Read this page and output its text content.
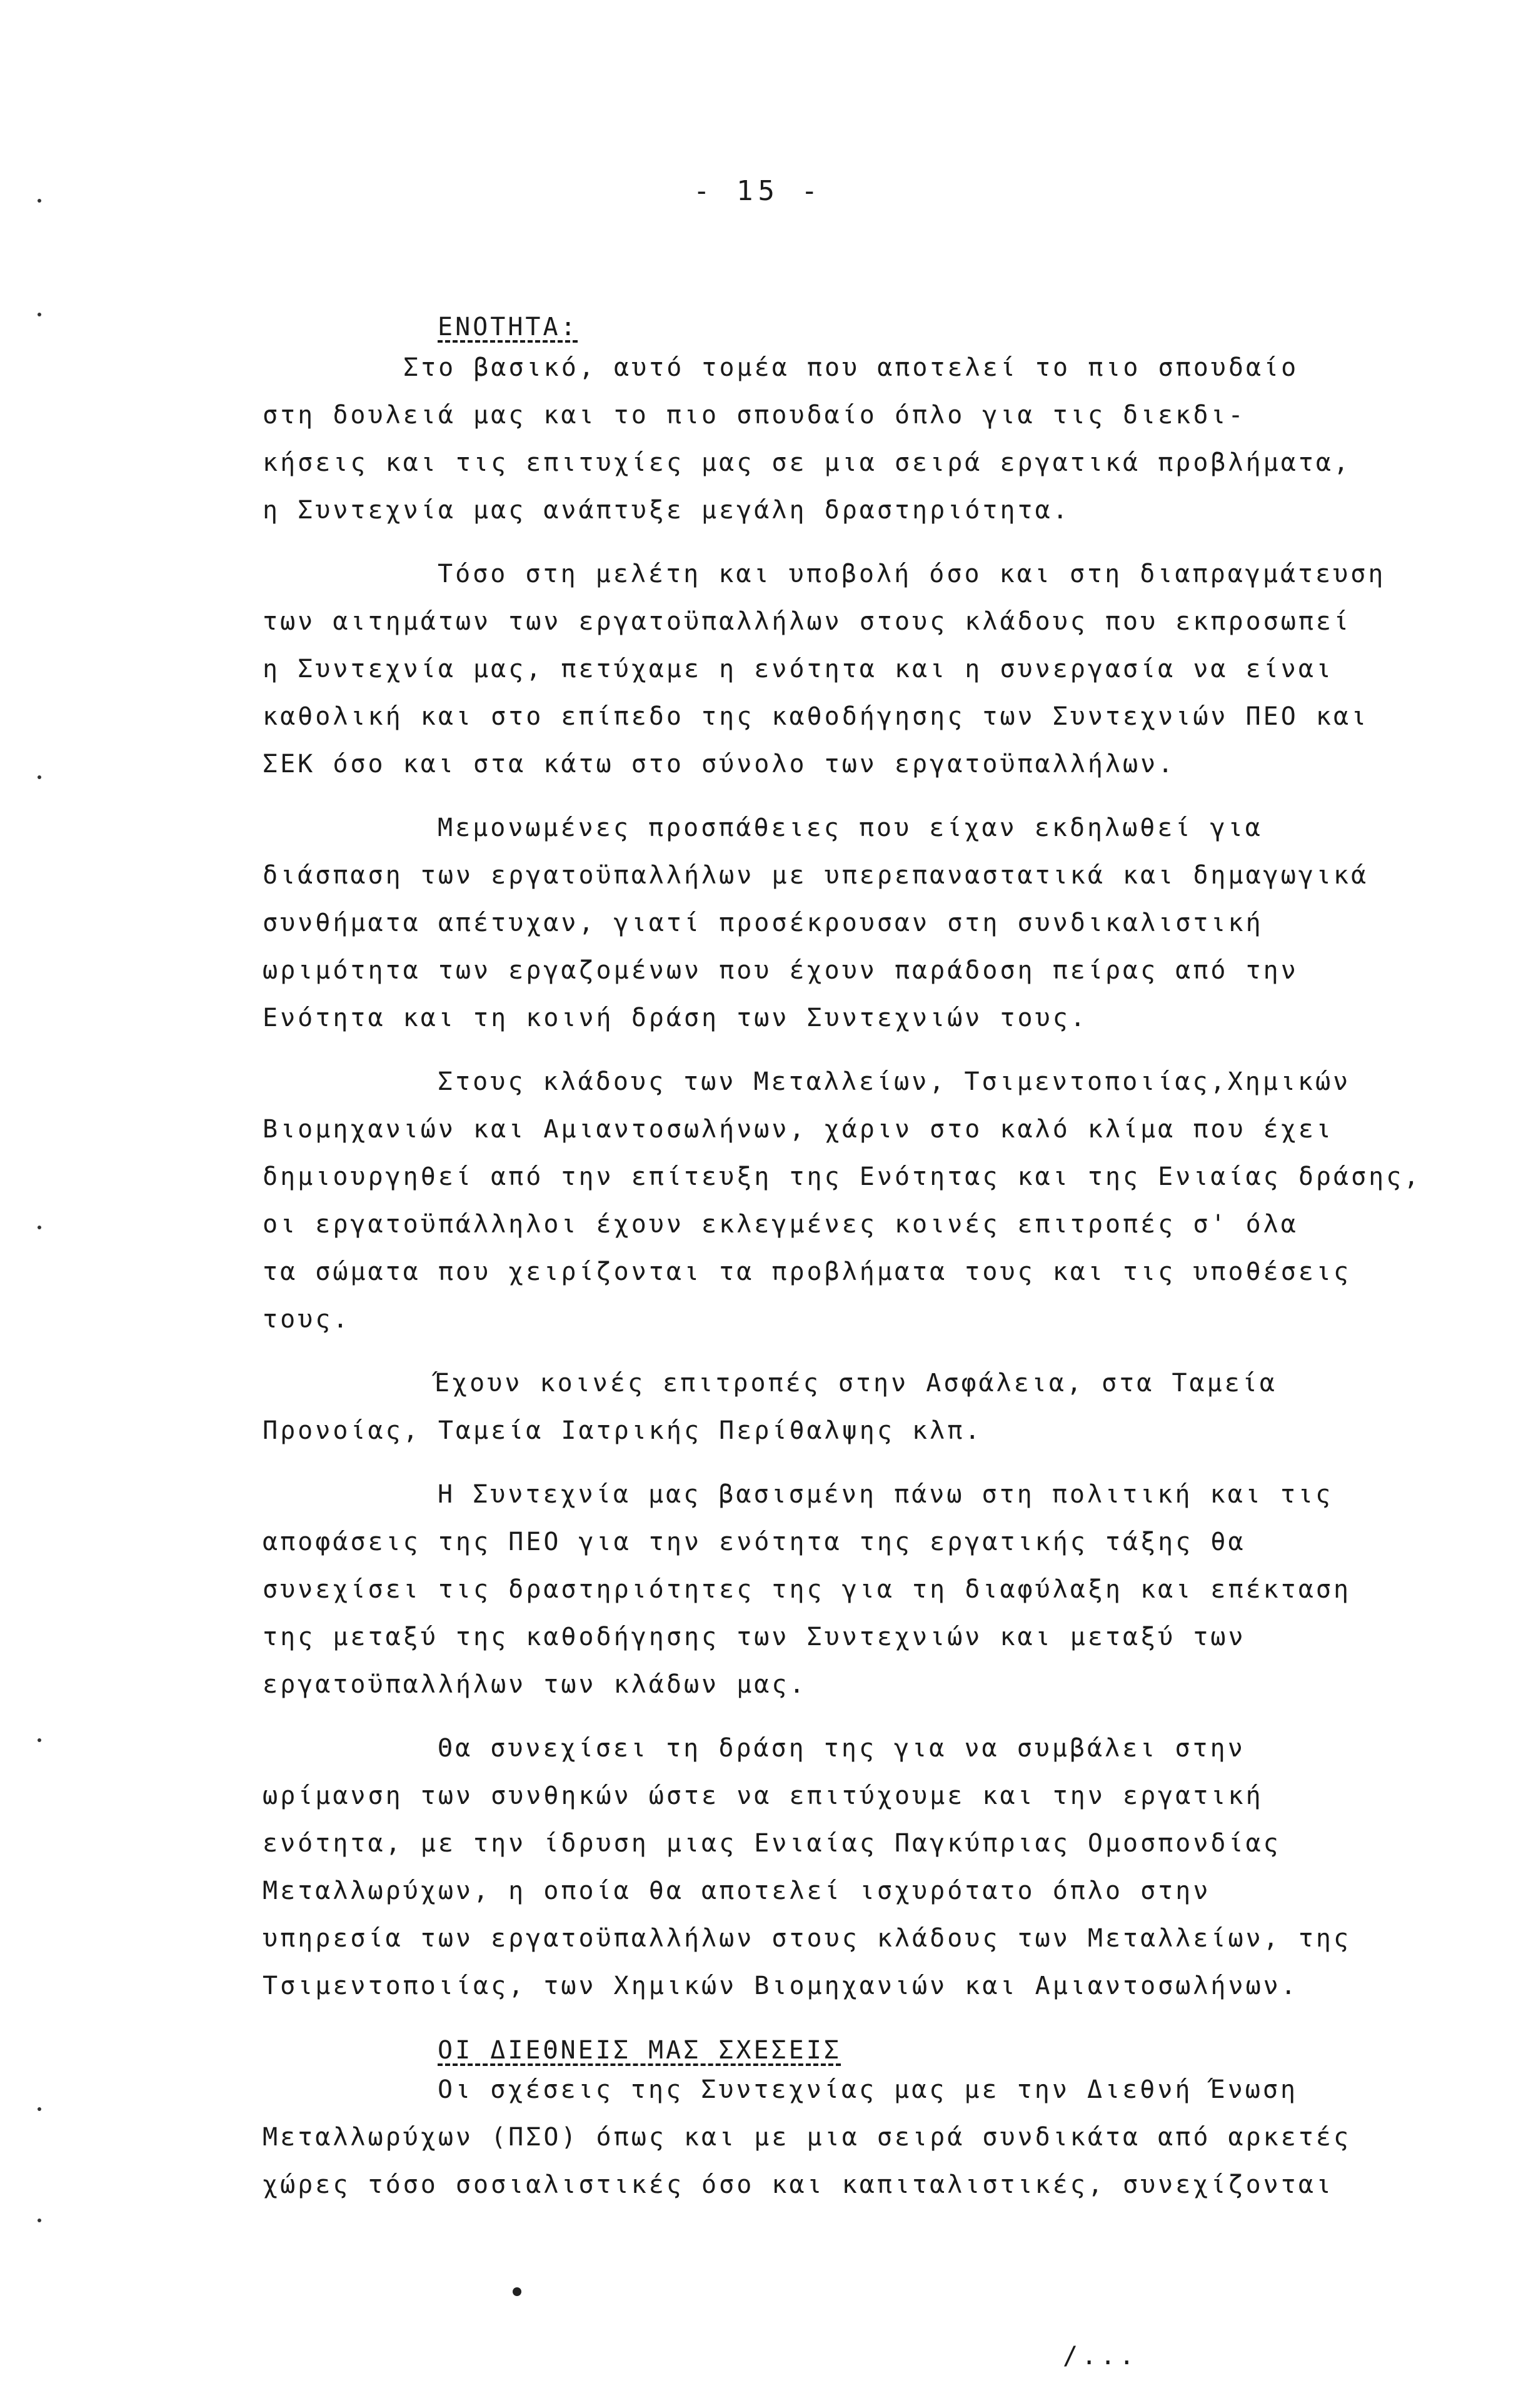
- 15 -
ΕΝΟΤΗΤΑ:
Στο βασικό, αυτό τομέα που αποτελεί το πιο σπουδαίο
στη δουλειά μας και το πιο σπουδαίο όπλο για τις διεκδι-
κήσεις και τις επιτυχίες μας σε μια σειρά εργατικά προβλήματα,
η Συντεχνία μας ανάπτυξε μεγάλη δραστηριότητα.
Τόσο στη μελέτη και υποβολή όσο και στη διαπραγμάτευση
των αιτημάτων των εργατοϋπαλλήλων στους κλάδους που εκπροσωπεί
η Συντεχνία μας, πετύχαμε η ενότητα και η συνεργασία να είναι
καθολική και στο επίπεδο της καθοδήγησης των Συντεχνιών ΠΕΟ και
ΣΕΚ όσο και στα κάτω στο σύνολο των εργατοϋπαλλήλων.
Μεμονωμένες προσπάθειες που είχαν εκδηλωθεί για
διάσπαση των εργατοϋπαλλήλων με υπερεπαναστατικά και δημαγωγικά
συνθήματα απέτυχαν, γιατί προσέκρουσαν στη συνδικαλιστική
ωριμότητα των εργαζομένων που έχουν παράδοση πείρας από την
Ενότητα και τη κοινή δράση των Συντεχνιών τους.
Στους κλάδους των Μεταλλείων, Τσιμεντοποιίας,Χημικών
Βιομηχανιών και Αμιαντοσωλήνων, χάριν στο καλό κλίμα που έχει
δημιουργηθεί από την επίτευξη της Ενότητας και της Ενιαίας δράσης,
οι εργατοϋπάλληλοι έχουν εκλεγμένες κοινές επιτροπές σ' όλα
τα σώματα που χειρίζονται τα προβλήματα τους και τις υποθέσεις
τους.
Έχουν κοινές επιτροπές στην Ασφάλεια, στα Ταμεία
Προνοίας, Ταμεία Ιατρικής Περίθαλψης κλπ.
Η Συντεχνία μας βασισμένη πάνω στη πολιτική και τις
αποφάσεις της ΠΕΟ για την ενότητα της εργατικής τάξης θα
συνεχίσει τις δραστηριότητες της για τη διαφύλαξη και επέκταση
της μεταξύ της καθοδήγησης των Συντεχνιών και μεταξύ των
εργατοϋπαλλήλων των κλάδων μας.
Θα συνεχίσει τη δράση της για να συμβάλει στην
ωρίμανση των συνθηκών ώστε να επιτύχουμε και την εργατική
ενότητα, με την ίδρυση μιας Ενιαίας Παγκύπριας Ομοσπονδίας
Μεταλλωρύχων, η οποία θα αποτελεί ισχυρότατο όπλο στην
υπηρεσία των εργατοϋπαλλήλων στους κλάδους των Μεταλλείων, της
Τσιμεντοποιίας, των Χημικών Βιομηχανιών και Αμιαντοσωλήνων.
ΟΙ ΔΙΕΘΝΕΙΣ ΜΑΣ ΣΧΕΣΕΙΣ
Οι σχέσεις της Συντεχνίας μας με την Διεθνή Ένωση
Μεταλλωρύχων (ΠΣΟ) όπως και με μια σειρά συνδικάτα από αρκετές
χώρες τόσο σοσιαλιστικές όσο και καπιταλιστικές, συνεχίζονται
/...
